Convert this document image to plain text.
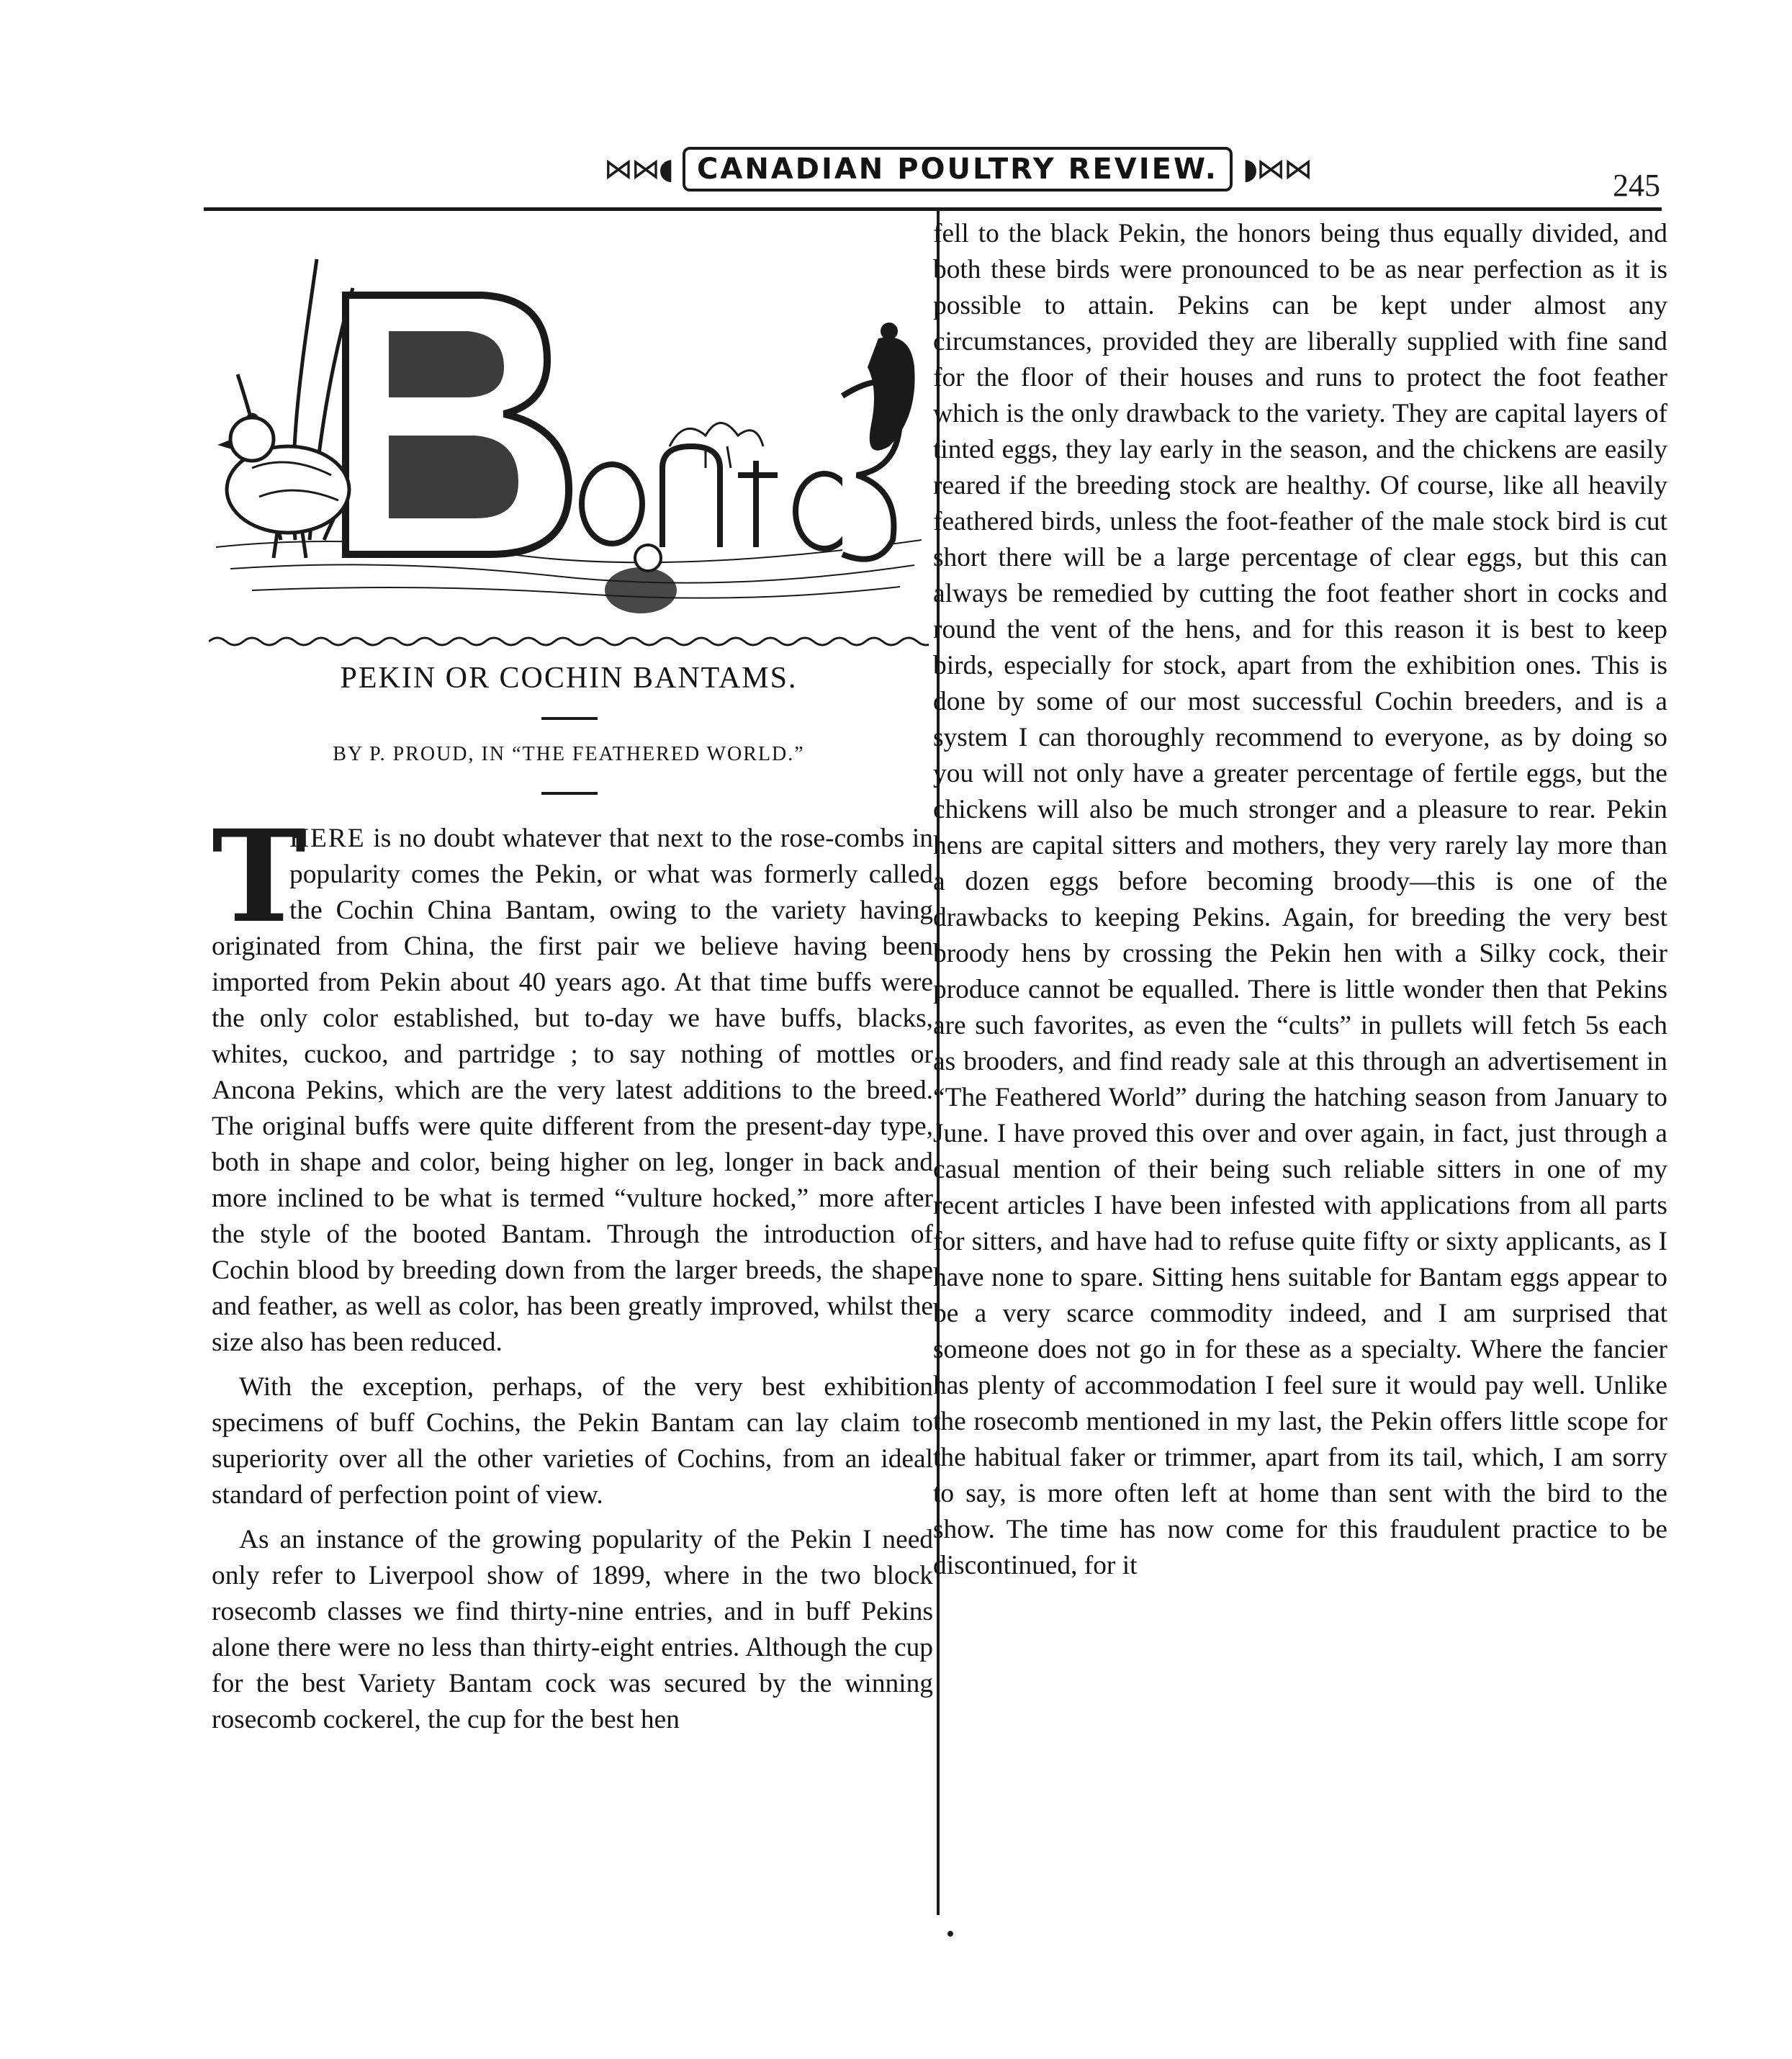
⋈⋈◖ CANADIAN POULTRY REVIEW. ◗⋈⋈	245
PEKIN OR COCHIN BANTAMS.
BY P. PROUD, IN “THE FEATHERED WORLD.”

T
HERE is no doubt whatever that next to the rose-combs in popularity comes the Pekin, or what was formerly called the Cochin China Bantam, owing to the variety having originated from China, the first pair we believe having been imported from Pekin about 40 years ago. At that time buffs were the only color established, but to-day we have buffs, blacks, whites, cuckoo, and partridge ; to say nothing of mottles or Ancona Pekins, which are the very latest additions to the breed. The original buffs were quite different from the present-day type, both in shape and color, being higher on leg, longer in back and more inclined to be what is termed “vulture hocked,” more after the style of the booted Bantam. Through the introduction of Cochin blood by breeding down from the larger breeds, the shape and feather, as well as color, has been greatly improved, whilst the size also has been reduced.

With the exception, perhaps, of the very best exhibition specimens of buff Cochins, the Pekin Bantam can lay claim to superiority over all the other varieties of Cochins, from an ideal standard of perfection point of view.

As an instance of the growing popularity of the Pekin I need only refer to Liverpool show of 1899, where in the two block rosecomb classes we find thirty-nine entries, and in buff Pekins alone there were no less than thirty-eight entries. Although the cup for the best Variety Bantam cock was secured by the winning rosecomb cockerel, the cup for the best hen

fell to the black Pekin, the honors being thus equally divided, and both these birds were pronounced to be as near perfection as it is possible to attain. Pekins can be kept under almost any circumstances, provided they are liberally supplied with fine sand for the floor of their houses and runs to protect the foot feather which is the only drawback to the variety. They are capital layers of tinted eggs, they lay early in the season, and the chickens are easily reared if the breeding stock are healthy. Of course, like all heavily feathered birds, unless the foot-feather of the male stock bird is cut short there will be a large percentage of clear eggs, but this can always be remedied by cutting the foot feather short in cocks and round the vent of the hens, and for this reason it is best to keep birds, especially for stock, apart from the exhibition ones. This is done by some of our most successful Cochin breeders, and is a system I can thoroughly recommend to everyone, as by doing so you will not only have a greater percentage of fertile eggs, but the chickens will also be much stronger and a pleasure to rear. Pekin hens are capital sitters and mothers, they very rarely lay more than a dozen eggs before becoming broody—this is one of the drawbacks to keeping Pekins. Again, for breeding the very best broody hens by crossing the Pekin hen with a Silky cock, their produce cannot be equalled. There is little wonder then that Pekins are such favorites, as even the “cults” in pullets will fetch 5s each as brooders, and find ready sale at this through an advertisement in “The Feathered World” during the hatching season from January to June. I have proved this over and over again, in fact, just through a casual mention of their being such reliable sitters in one of my recent articles I have been infested with applications from all parts for sitters, and have had to refuse quite fifty or sixty applicants, as I have none to spare. Sitting hens suitable for Bantam eggs appear to be a very scarce commodity indeed, and I am surprised that someone does not go in for these as a specialty. Where the fancier has plenty of accommodation I feel sure it would pay well. Unlike the rosecomb mentioned in my last, the Pekin offers little scope for the habitual faker or trimmer, apart from its tail, which, I am sorry to say, is more often left at home than sent with the bird to the show. The time has now come for this fraudulent practice to be discontinued, for it
